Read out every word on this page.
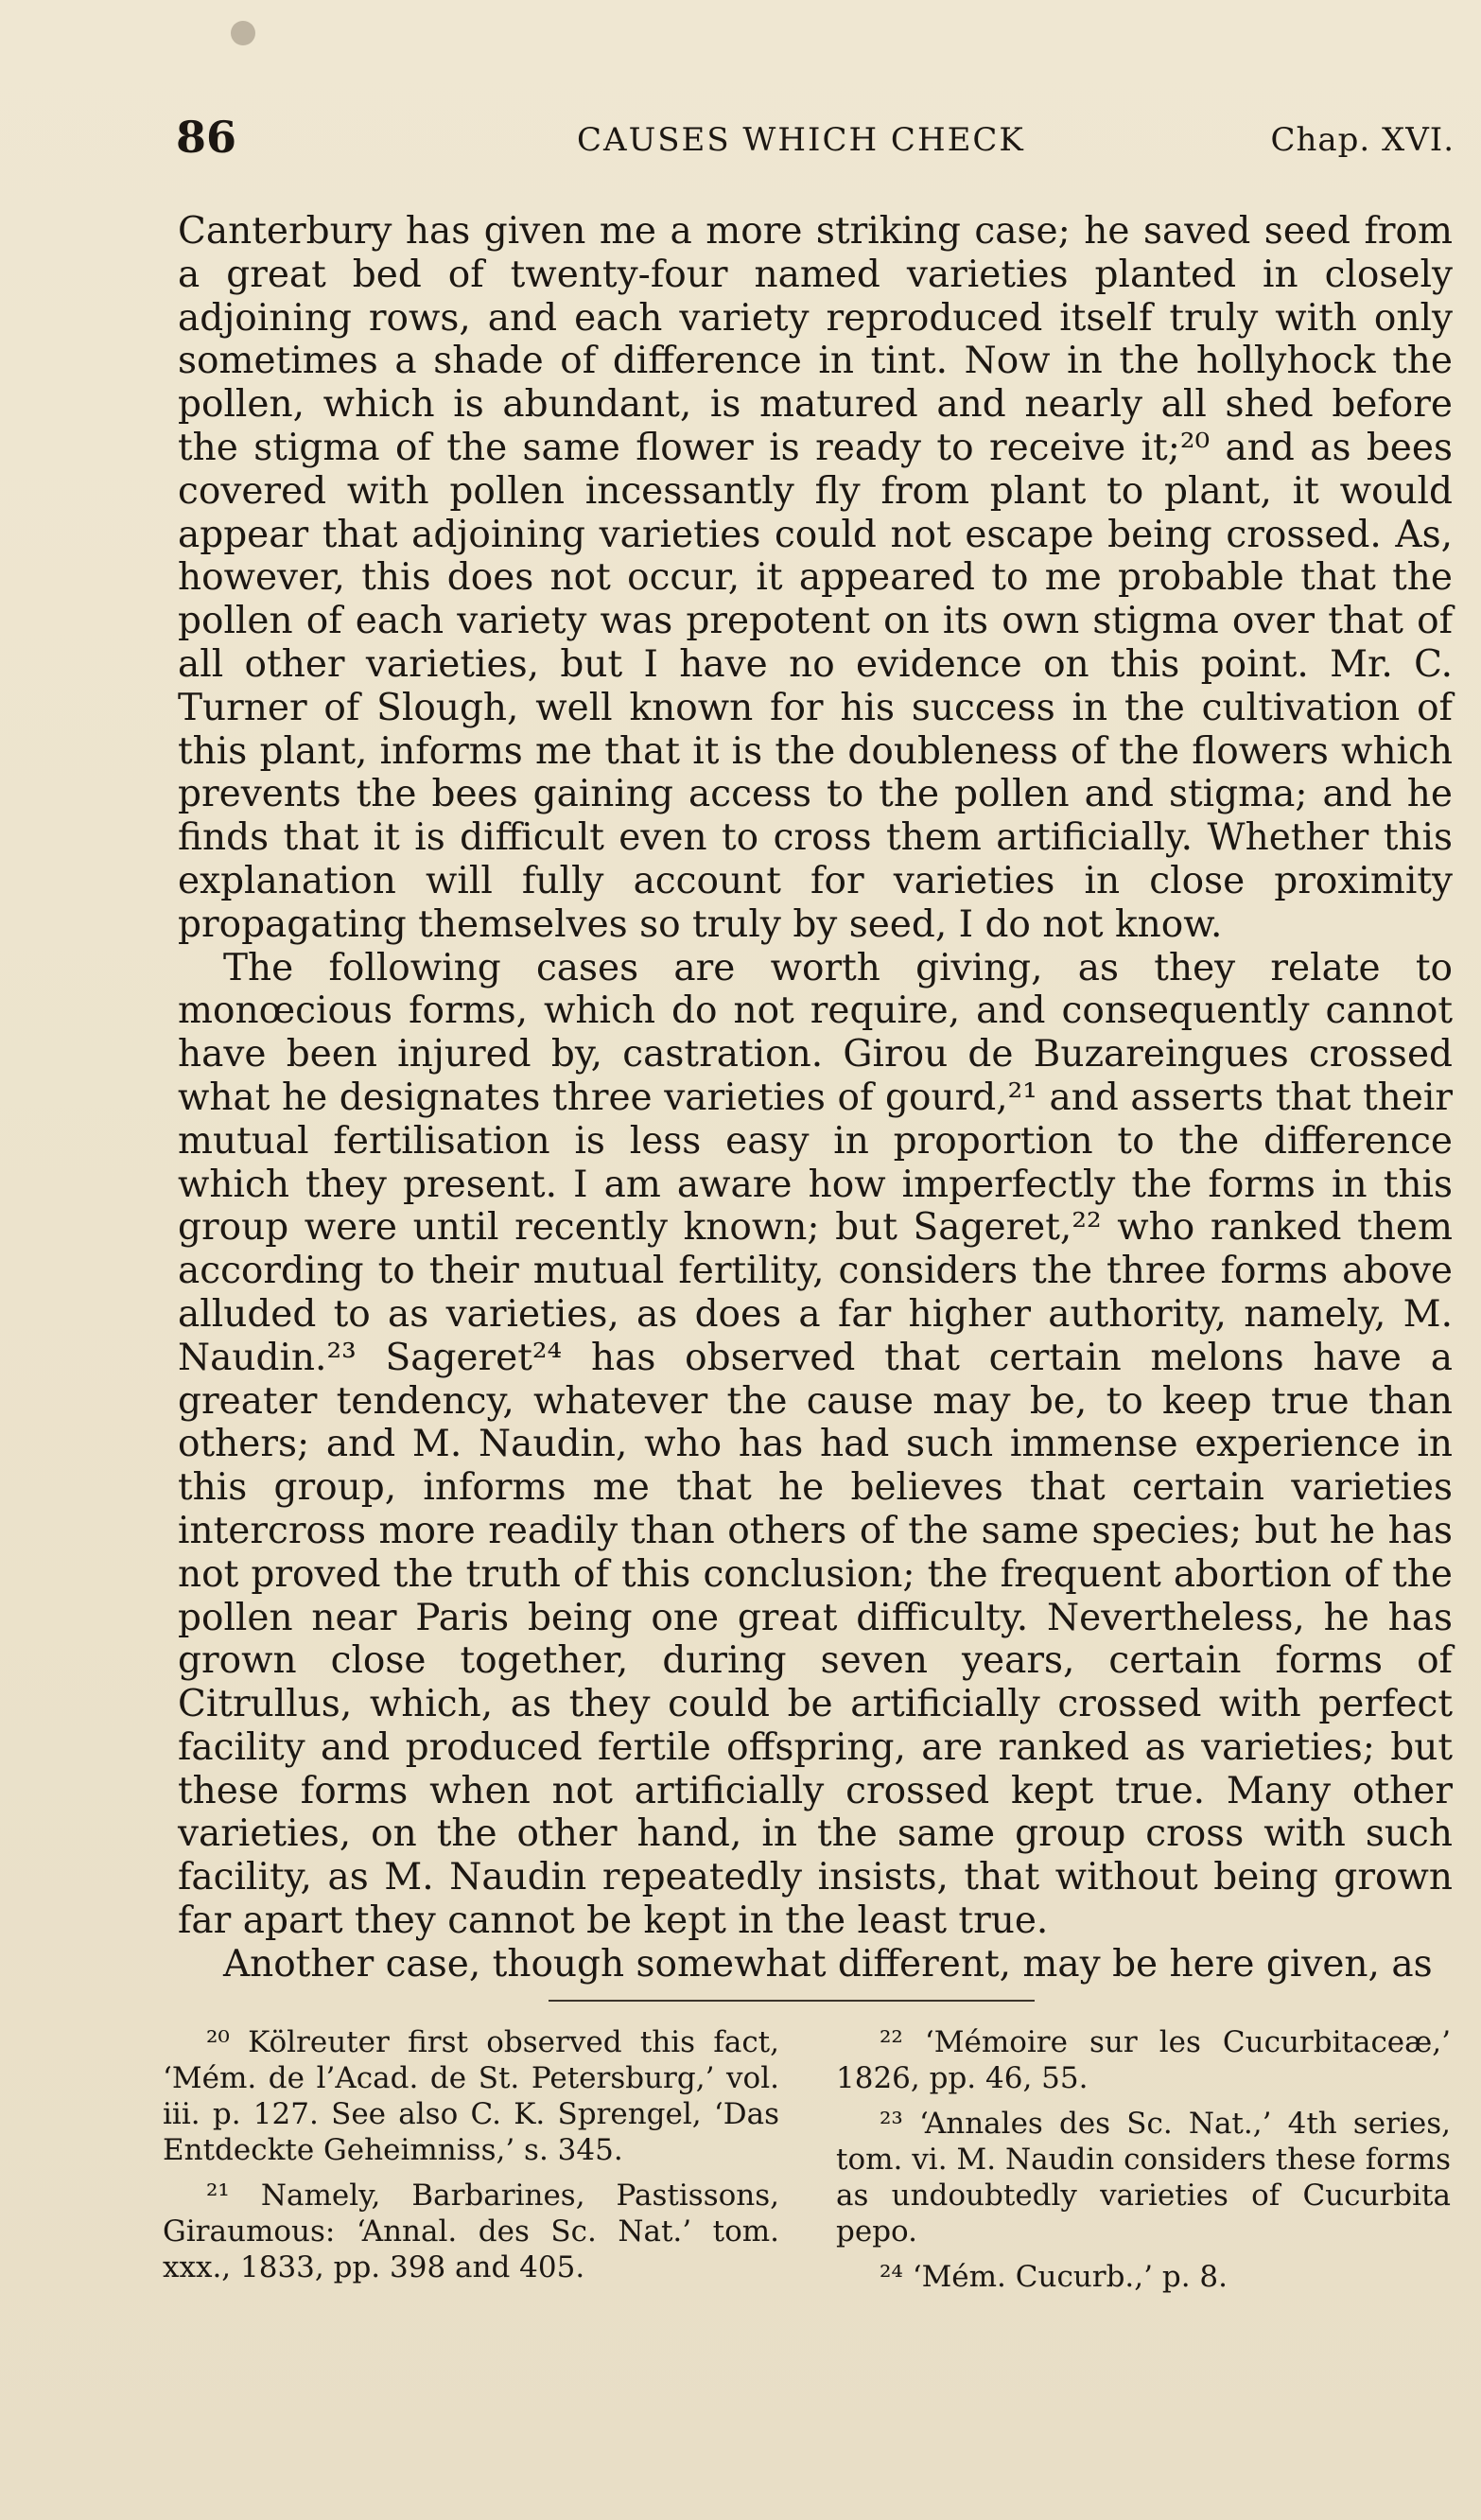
86	CAUSES WHICH CHECK	Chap. XVI.

Canterbury has given me a more striking case; he saved seed from a great bed of twenty-four named varieties planted in closely adjoining rows, and each variety reproduced itself truly with only sometimes a shade of difference in tint. Now in the hollyhock the pollen, which is abundant, is matured and nearly all shed before the stigma of the same flower is ready to receive it;²⁰ and as bees covered with pollen incessantly fly from plant to plant, it would appear that adjoining varieties could not escape being crossed. As, however, this does not occur, it appeared to me probable that the pollen of each variety was prepotent on its own stigma over that of all other varieties, but I have no evidence on this point. Mr. C. Turner of Slough, well known for his success in the cultivation of this plant, informs me that it is the doubleness of the flowers which prevents the bees gaining access to the pollen and stigma; and he finds that it is difficult even to cross them artificially. Whether this explanation will fully account for varieties in close proximity propagating themselves so truly by seed, I do not know.

The following cases are worth giving, as they relate to monœcious forms, which do not require, and consequently cannot have been injured by, castration. Girou de Buzareingues crossed what he designates three varieties of gourd,²¹ and asserts that their mutual fertilisation is less easy in proportion to the difference which they present. I am aware how imperfectly the forms in this group were until recently known; but Sageret,²² who ranked them according to their mutual fertility, considers the three forms above alluded to as varieties, as does a far higher authority, namely, M. Naudin.²³ Sageret²⁴ has observed that certain melons have a greater tendency, whatever the cause may be, to keep true than others; and M. Naudin, who has had such immense experience in this group, informs me that he believes that certain varieties intercross more readily than others of the same species; but he has not proved the truth of this conclusion; the frequent abortion of the pollen near Paris being one great difficulty. Nevertheless, he has grown close together, during seven years, certain forms of Citrullus, which, as they could be artificially crossed with perfect facility and produced fertile offspring, are ranked as varieties; but these forms when not artificially crossed kept true. Many other varieties, on the other hand, in the same group cross with such facility, as M. Naudin repeatedly insists, that without being grown far apart they cannot be kept in the least true.

Another case, though somewhat different, may be here given, as

²⁰ Kölreuter first observed this fact, ‘Mém. de l’Acad. de St. Petersburg,’ vol. iii. p. 127. See also C. K. Sprengel, ‘Das Entdeckte Geheimniss,’ s. 345.

²¹ Namely, Barbarines, Pastissons, Giraumous: ‘Annal. des Sc. Nat.’ tom. xxx., 1833, pp. 398 and 405.

²² ‘Mémoire sur les Cucurbitaceæ,’ 1826, pp. 46, 55.

²³ ‘Annales des Sc. Nat.,’ 4th series, tom. vi. M. Naudin considers these forms as undoubtedly varieties of Cucurbita pepo.

²⁴ ‘Mém. Cucurb.,’ p. 8.
